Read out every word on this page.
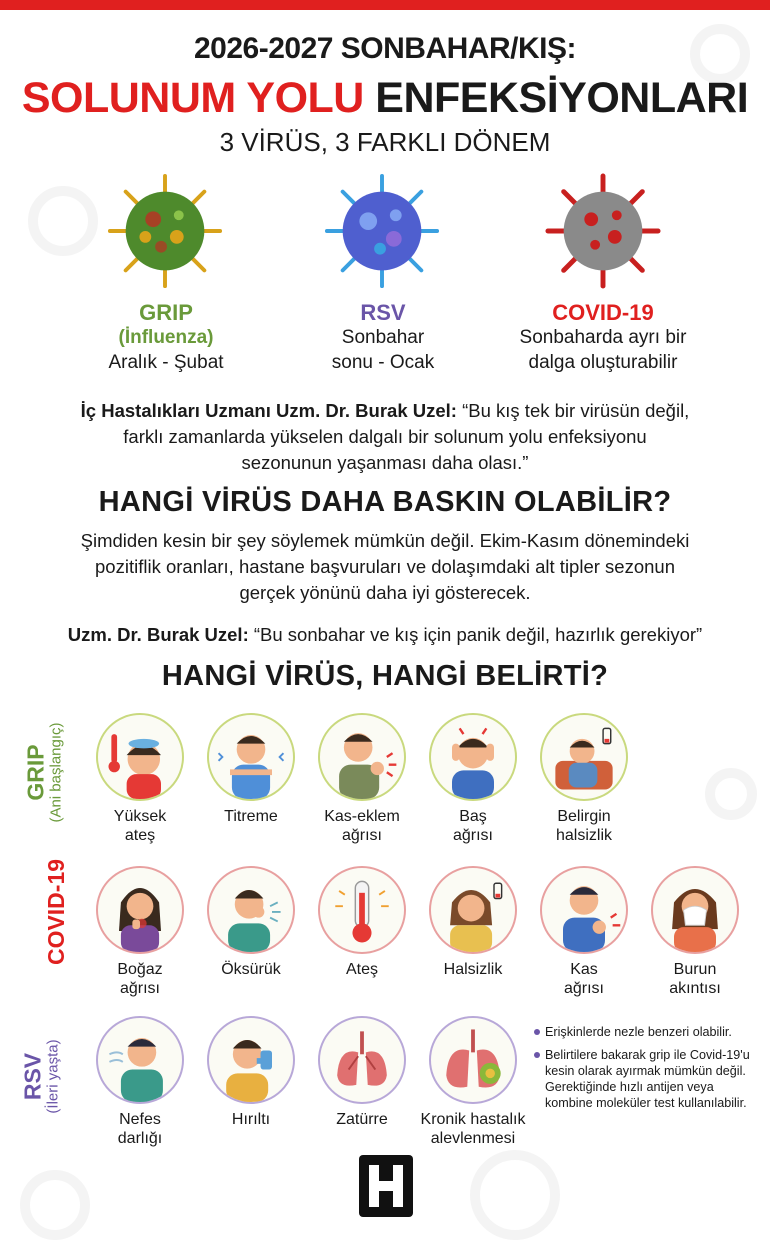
2026-2027 SONBAHAR/KIŞ:
SOLUNUM YOLU ENFEKSİYONLARI
3 VİRÜS, 3 FARKLI DÖNEM
GRIP
(İnfluenza)
Aralık - Şubat
RSV
Sonbahar
sonu - Ocak
COVID-19
Sonbaharda ayrı bir
dalga oluşturabilir
İç Hastalıkları Uzmanı Uzm. Dr. Burak Uzel: “Bu kış tek bir virüsün değil,
farklı zamanlarda yükselen dalgalı bir solunum yolu enfeksiyonu
sezonunun yaşanması daha olası.”
HANGİ VİRÜS DAHA BASKIN OLABİLİR?
Şimdiden kesin bir şey söylemek mümkün değil. Ekim-Kasım dönemindeki
pozitiflik oranları, hastane başvuruları ve dolaşımdaki alt tipler sezonun
gerçek yönünü daha iyi gösterecek.
Uzm. Dr. Burak Uzel: “Bu sonbahar ve kış için panik değil, hazırlık gerekiyor”
HANGİ VİRÜS, HANGİ BELİRTİ?
GRIP (Ani başlangıç)
COVID-19
RSV (İleri yaşta)
Yüksek
ateş
Titreme	Kas-eklem
ağrısı
Baş
ağrısı
Belirgin
halsizlik
Boğaz
ağrısı
Öksürük	Ateş	Halsizlik	Kas
ağrısı
Burun
akıntısı
Nefes
darlığı
Hırıltı	Zatürre	Kronik hastalık
alevlenmesi
Erişkinlerde nezle benzeri olabilir.
Belirtilere bakarak grip ile Covid-19'u kesin olarak ayırmak mümkün değil. Gerektiğinde hızlı antijen veya kombine moleküler test kullanılabilir.
